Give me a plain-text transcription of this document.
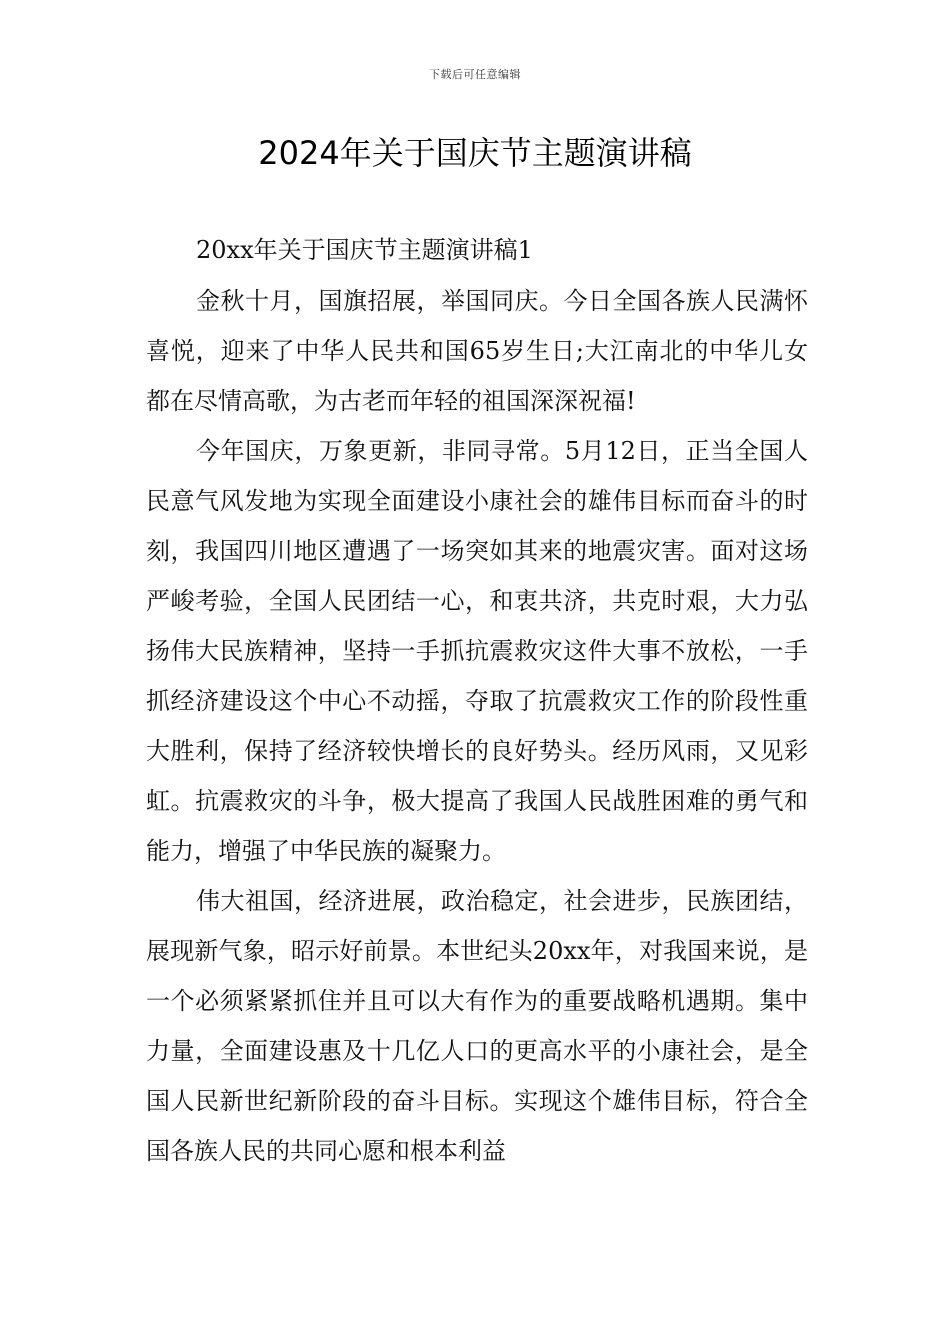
下载后可任意编辑
2024年关于国庆节主题演讲稿

20xx年关于国庆节主题演讲稿1

金秋十月，国旗招展，举国同庆。今日全国各族人民满怀喜悦，迎来了中华人民共和国65岁生日;大江南北的中华儿女都在尽情高歌，为古老而年轻的祖国深深祝福!

今年国庆，万象更新，非同寻常。5月12日，正当全国人民意气风发地为实现全面建设小康社会的雄伟目标而奋斗的时刻，我国四川地区遭遇了一场突如其来的地震灾害。面对这场严峻考验，全国人民团结一心，和衷共济，共克时艰，大力弘扬伟大民族精神，坚持一手抓抗震救灾这件大事不放松，一手抓经济建设这个中心不动摇，夺取了抗震救灾工作的阶段性重大胜利，保持了经济较快增长的良好势头。经历风雨，又见彩虹。抗震救灾的斗争，极大提高了我国人民战胜困难的勇气和能力，增强了中华民族的凝聚力。

伟大祖国，经济进展，政治稳定，社会进步，民族团结，展现新气象，昭示好前景。本世纪头20xx年，对我国来说，是一个必须紧紧抓住并且可以大有作为的重要战略机遇期。集中力量，全面建设惠及十几亿人口的更高水平的小康社会，是全国人民新世纪新阶段的奋斗目标。实现这个雄伟目标，符合全国各族人民的共同心愿和根本利益
